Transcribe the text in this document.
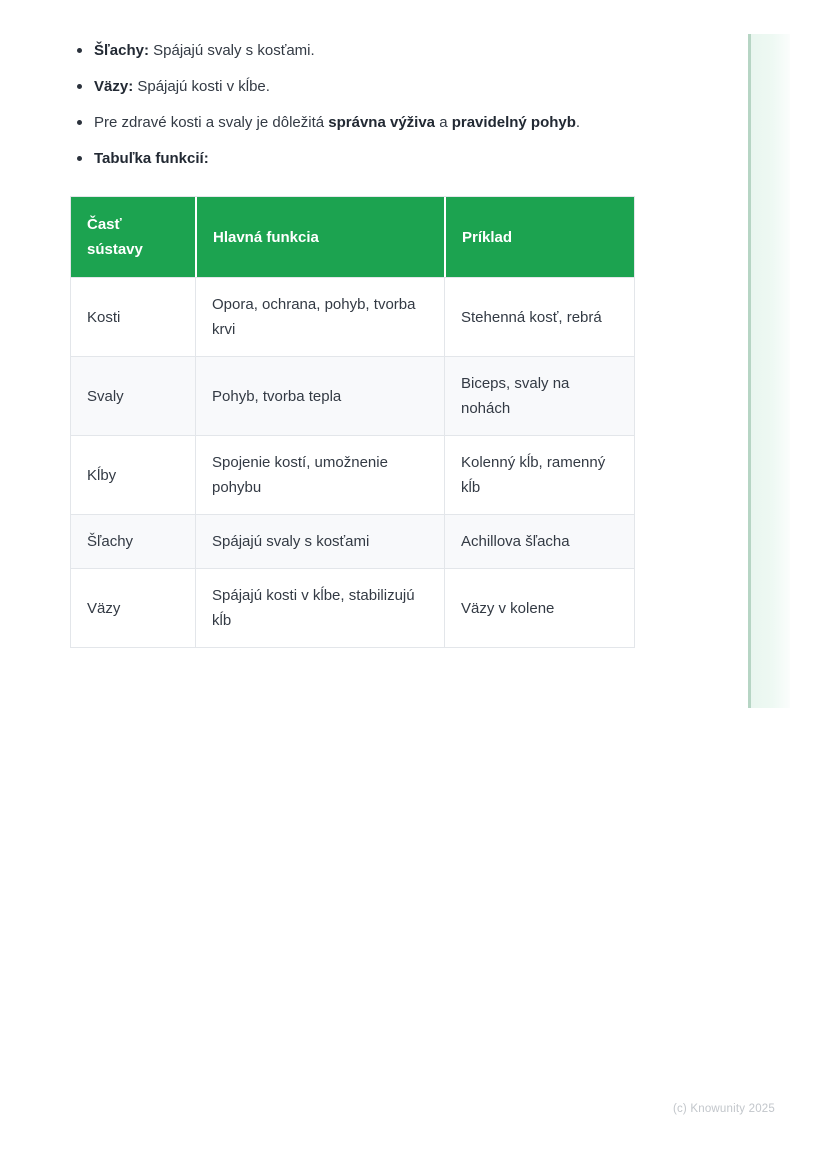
Šľachy: Spájajú svaly s kosťami.
Väzy: Spájajú kosti v kĺbe.
Pre zdravé kosti a svaly je dôležitá správna výživa a pravidelný pohyb.
Tabuľka funkcií:
Časť sústavy	Hlavná funkcia	Príklad
Kosti	Opora, ochrana, pohyb, tvorba krvi	Stehenná kosť, rebrá
Svaly	Pohyb, tvorba tepla	Biceps, svaly na nohách
Kĺby	Spojenie kostí, umožnenie pohybu	Kolenný kĺb, ramenný kĺb
Šľachy	Spájajú svaly s kosťami	Achillova šľacha
Väzy	Spájajú kosti v kĺbe, stabilizujú kĺb	Väzy v kolene
(c) Knowunity 2025
